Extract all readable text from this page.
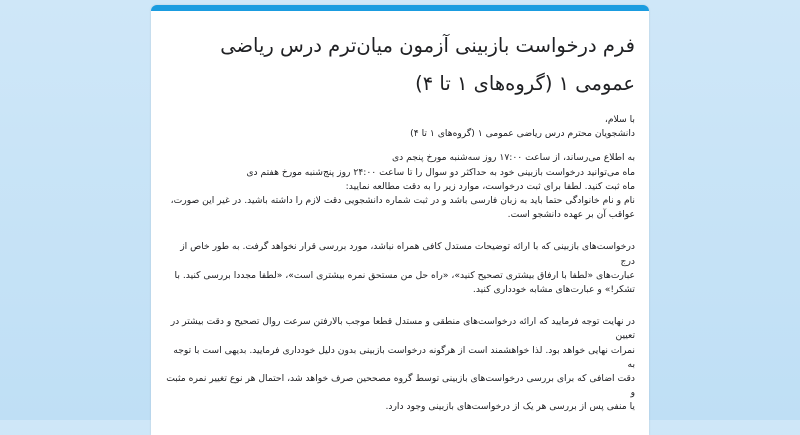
فرم درخواست بازبینی آزمون میان‌ترم درس ریاضی عمومی ۱ (گروه‌های ۱ تا ۴)

با سلام،

دانشجویان محترم درس ریاضی عمومی ۱ (گروه‌های ۱ تا ۴)

به اطلاع می‌رساند، از ساعت ۱۷:۰۰ روز سه‌شنبه مورخ پنجم دی

ماه می‌توانید درخواست بازبینی خود به حداکثر دو سوال را تا ساعت ۲۴:۰۰ روز پنج‌شنبه مورخ هفتم دی

ماه ثبت کنید. لطفا برای ثبت درخواست، موارد زیر را به دقت مطالعه نمایید:

نام و نام خانوادگی حتما باید به زبان فارسی باشد و در ثبت شماره دانشجویی دقت لازم را داشته باشید. در غیر این صورت،

عواقب آن بر عهده دانشجو است.

درخواست‌های بازبینی که با ارائه توضیحات مستدل کافی همراه نباشد، مورد بررسی قرار نخواهد گرفت. به طور خاص از درج

عبارت‌های «لطفا با ارفاق بیشتری تصحیح کنید»، «راه حل من مستحق نمره بیشتری است»، «لطفا مجددا بررسی کنید. با

تشکر!» و عبارت‌های مشابه خودداری کنید.

در نهایت توجه فرمایید که ارائه درخواست‌های منطقی و مستدل قطعا موجب بالارفتن سرعت روال تصحیح و دقت بیشتر در تعیین

نمرات نهایی خواهد بود. لذا خواهشمند است از هرگونه درخواست بازبینی بدون دلیل خودداری فرمایید. بدیهی است با توجه به

دقت اضافی که برای بررسی درخواست‌های بازبینی توسط گروه مصححین صرف خواهد شد، احتمال هر نوع تغییر نمره مثبت و

یا منفی پس از بررسی هر یک از درخواست‌های بازبینی وجود دارد.
